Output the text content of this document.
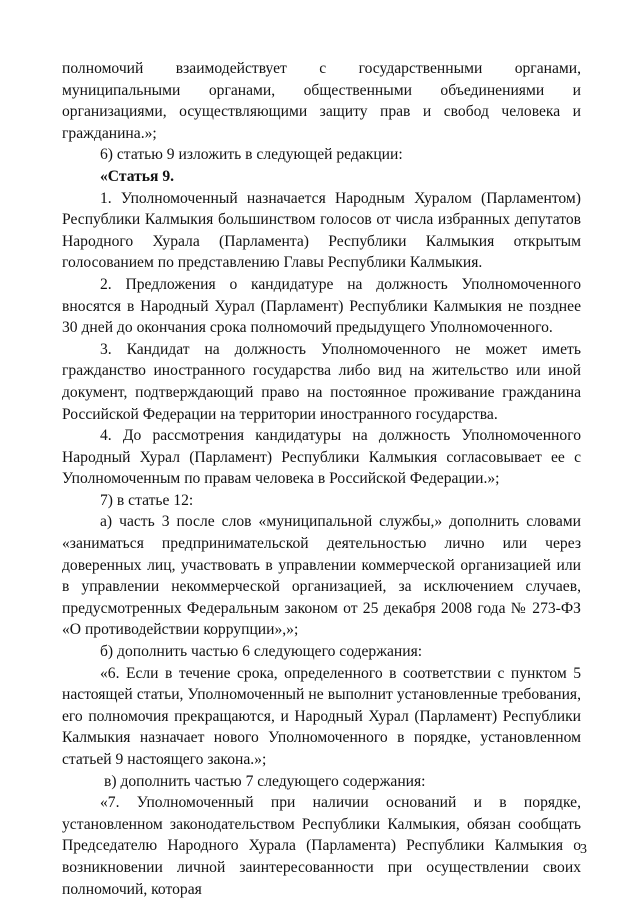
полномочий взаимодействует с государственными органами, муниципальными органами, общественными объединениями и организациями, осуществляющими защиту прав и свобод человека и гражданина.»;

6) статью 9 изложить в следующей редакции:

«Статья 9.

1. Уполномоченный назначается Народным Хуралом (Парламентом) Республики Калмыкия большинством голосов от числа избранных депутатов Народного Хурала (Парламента) Республики Калмыкия открытым голосованием по представлению Главы Республики Калмыкия.

2. Предложения о кандидатуре на должность Уполномоченного вносятся в Народный Хурал (Парламент) Республики Калмыкия не позднее 30 дней до окончания срока полномочий предыдущего Уполномоченного.

3. Кандидат на должность Уполномоченного не может иметь гражданство иностранного государства либо вид на жительство или иной документ, подтверждающий право на постоянное проживание гражданина Российской Федерации на территории иностранного государства.

4. До рассмотрения кандидатуры на должность Уполномоченного Народный Хурал (Парламент) Республики Калмыкия согласовывает ее с Уполномоченным по правам человека в Российской Федерации.»;

7) в статье 12:

а) часть 3 после слов «муниципальной службы,» дополнить словами «заниматься предпринимательской деятельностью лично или через доверенных лиц, участвовать в управлении коммерческой организацией или в управлении некоммерческой организацией, за исключением случаев, предусмотренных Федеральным законом от 25 декабря 2008 года № 273-ФЗ «О противодействии коррупции»,»;

б) дополнить частью 6 следующего содержания:

«6. Если в течение срока, определенного в соответствии с пунктом 5 настоящей статьи, Уполномоченный не выполнит установленные требования, его полномочия прекращаются, и Народный Хурал (Парламент) Республики Калмыкия назначает нового Уполномоченного в порядке, установленном статьей 9 настоящего закона.»;

в) дополнить частью 7 следующего содержания:

«7. Уполномоченный при наличии оснований и в порядке, установленном законодательством Республики Калмыкия, обязан сообщать Председателю Народного Хурала (Парламента) Республики Калмыкия о возникновении личной заинтересованности при осуществлении своих полномочий, которая

3
